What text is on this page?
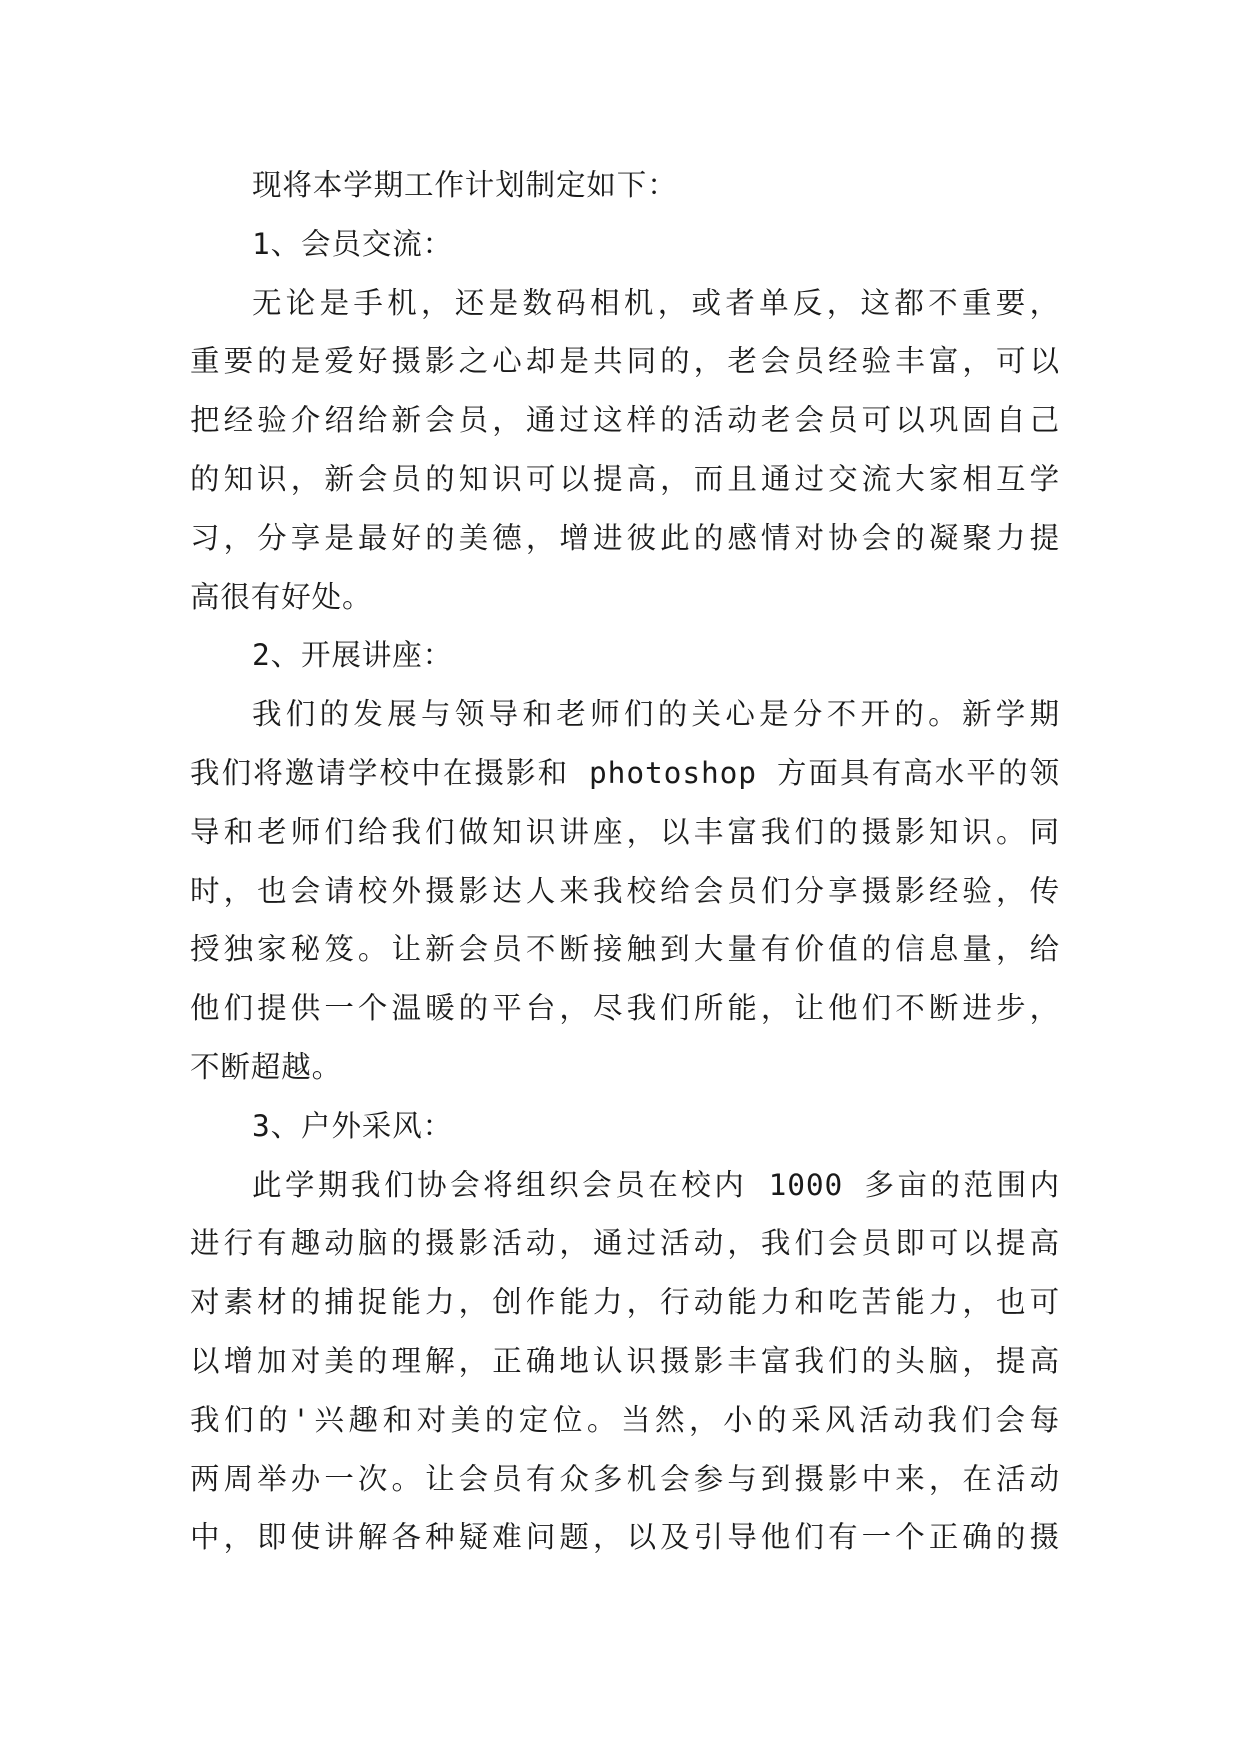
现将本学期工作计划制定如下：
1、会员交流：
无论是手机，还是数码相机，或者单反，这都不重要，
重要的是爱好摄影之心却是共同的，老会员经验丰富，可以
把经验介绍给新会员，通过这样的活动老会员可以巩固自己
的知识，新会员的知识可以提高，而且通过交流大家相互学
习，分享是最好的美德，增进彼此的感情对协会的凝聚力提
高很有好处。
2、开展讲座：
我们的发展与领导和老师们的关心是分不开的。新学期
我们将邀请学校中在摄影和 photoshop 方面具有高水平的领
导和老师们给我们做知识讲座，以丰富我们的摄影知识。同
时，也会请校外摄影达人来我校给会员们分享摄影经验，传
授独家秘笈。让新会员不断接触到大量有价值的信息量，给
他们提供一个温暖的平台，尽我们所能，让他们不断进步，
不断超越。
3、户外采风：
此学期我们协会将组织会员在校内 1000 多亩的范围内
进行有趣动脑的摄影活动，通过活动，我们会员即可以提高
对素材的捕捉能力，创作能力，行动能力和吃苦能力，也可
以增加对美的理解，正确地认识摄影丰富我们的头脑，提高
我们的'兴趣和对美的定位。当然，小的采风活动我们会每
两周举办一次。让会员有众多机会参与到摄影中来，在活动
中，即使讲解各种疑难问题，以及引导他们有一个正确的摄
